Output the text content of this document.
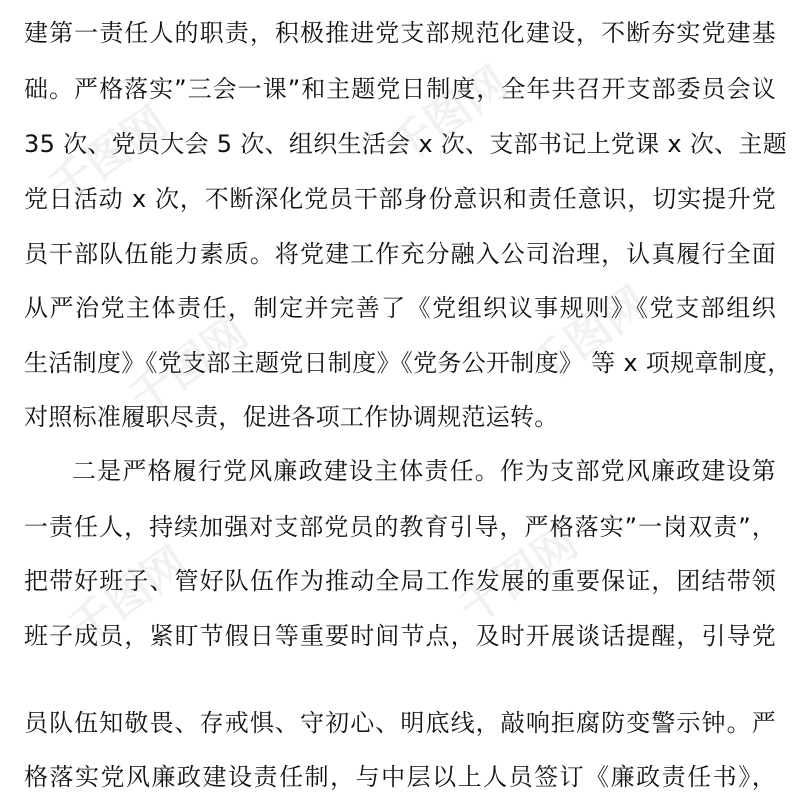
千图网	千图网
千图网	千图网
千图网	千图网
建第一责任人的职责，积极推进党支部规范化建设，不断夯实党建基
础。严格落实”三会一课”和主题党日制度，全年共召开支部委员会议
35 次、党员大会 5 次、组织生活会 x 次、支部书记上党课 x 次、主题
党日活动 x 次，不断深化党员干部身份意识和责任意识，切实提升党
员干部队伍能力素质。将党建工作充分融入公司治理，认真履行全面
从严治党主体责任，制定并完善了《党组织议事规则》《党支部组织
生活制度》《党支部主题党日制度》《党务公开制度》 等 x 项规章制度，
对照标准履职尽责，促进各项工作协调规范运转。
二是严格履行党风廉政建设主体责任。作为支部党风廉政建设第
一责任人，持续加强对支部党员的教育引导，严格落实”一岗双责”，
把带好班子、管好队伍作为推动全局工作发展的重要保证，团结带领
班子成员，紧盯节假日等重要时间节点，及时开展谈话提醒，引导党
员队伍知敬畏、存戒惧、守初心、明底线，敲响拒腐防变警示钟。严
格落实党风廉政建设责任制，与中层以上人员签订《廉政责任书》，
